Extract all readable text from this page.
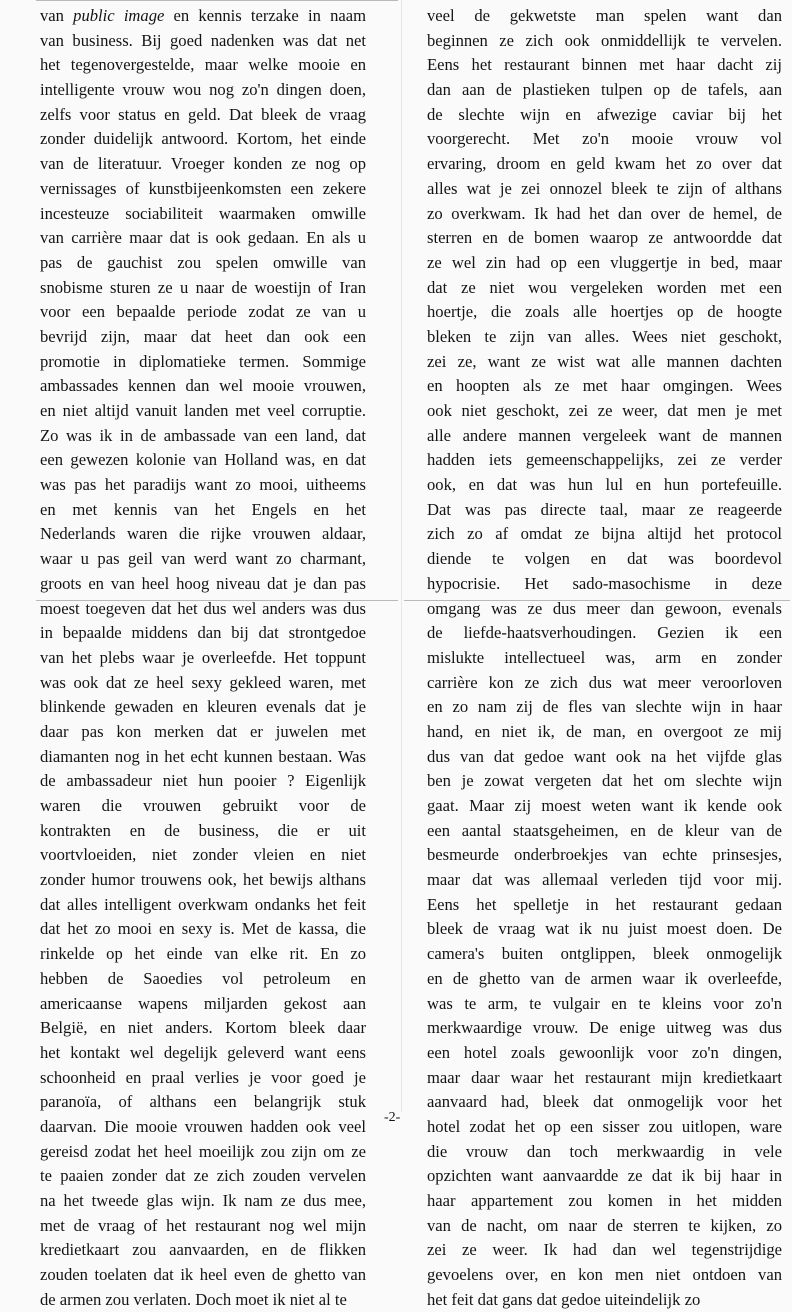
van public image en kennis terzake in naam
van business. Bij goed nadenken was dat net
het tegenovergestelde, maar welke mooie en
intelligente vrouw wou nog zo'n dingen doen,
zelfs voor status en geld. Dat bleek de vraag
zonder duidelijk antwoord. Kortom, het einde
van de literatuur. Vroeger konden ze nog op
vernissages of kunstbijeenkomsten een zekere
incesteuze sociabiliteit waarmaken omwille
van carrière maar dat is ook gedaan. En als u
pas de gauchist zou spelen omwille van
snobisme sturen ze u naar de woestijn of Iran
voor een bepaalde periode zodat ze van u
bevrijd zijn, maar dat heet dan ook een
promotie in diplomatieke termen. Sommige
ambassades kennen dan wel mooie vrouwen,
en niet altijd vanuit landen met veel corruptie.
Zo was ik in de ambassade van een land, dat
een gewezen kolonie van Holland was, en dat
was pas het paradijs want zo mooi, uitheems
en met kennis van het Engels en het
Nederlands waren die rijke vrouwen aldaar,
waar u pas geil van werd want zo charmant,
groots en van heel hoog niveau dat je dan pas
moest toegeven dat het dus wel anders was dus
in bepaalde middens dan bij dat strontgedoe
van het plebs waar je overleefde. Het toppunt
was ook dat ze heel sexy gekleed waren, met
blinkende gewaden en kleuren evenals dat je
daar pas kon merken dat er juwelen met
diamanten nog in het echt kunnen bestaan. Was
de ambassadeur niet hun pooier ? Eigenlijk
waren die vrouwen gebruikt voor de
kontrakten en de business, die er uit
voortvloeiden, niet zonder vleien en niet
zonder humor trouwens ook, het bewijs althans
dat alles intelligent overkwam ondanks het feit
dat het zo mooi en sexy is. Met de kassa, die
rinkelde op het einde van elke rit. En zo
hebben de Saoedies vol petroleum en
americaanse wapens miljarden gekost aan
België, en niet anders. Kortom bleek daar
het kontakt wel degelijk geleverd want eens
schoonheid en praal verlies je voor goed je
paranoïa, of althans een belangrijk stuk
daarvan. Die mooie vrouwen hadden ook veel
gereisd zodat het heel moeilijk zou zijn om ze
te paaien zonder dat ze zich zouden vervelen
na het tweede glas wijn. Ik nam ze dus mee,
met de vraag of het restaurant nog wel mijn
kredietkaart zou aanvaarden, en de flikken
zouden toelaten dat ik heel even de ghetto van
de armen zou verlaten. Doch moet ik niet al te
veel de gekwetste man spelen want dan
beginnen ze zich ook onmiddellijk te vervelen.
Eens het restaurant binnen met haar dacht zij
dan aan de plastieken tulpen op de tafels, aan
de slechte wijn en afwezige caviar bij het
voorgerecht. Met zo'n mooie vrouw vol
ervaring, droom en geld kwam het zo over dat
alles wat je zei onnozel bleek te zijn of althans
zo overkwam. Ik had het dan over de hemel, de
sterren en de bomen waarop ze antwoordde dat
ze wel zin had op een vluggertje in bed, maar
dat ze niet wou vergeleken worden met een
hoertje, die zoals alle hoertjes op de hoogte
bleken te zijn van alles. Wees niet geschokt,
zei ze, want ze wist wat alle mannen dachten
en hoopten als ze met haar omgingen. Wees
ook niet geschokt, zei ze weer, dat men je met
alle andere mannen vergeleek want de mannen
hadden iets gemeenschappelijks, zei ze verder
ook, en dat was hun lul en hun portefeuille.
Dat was pas directe taal, maar ze reageerde
zich zo af omdat ze bijna altijd het protocol
diende te volgen en dat was boordevol
hypocrisie. Het sado-masochisme in deze
omgang was ze dus meer dan gewoon, evenals
de liefde-haatsverhoudingen. Gezien ik een
mislukte intellectueel was, arm en zonder
carrière kon ze zich dus wat meer veroorloven
en zo nam zij de fles van slechte wijn in haar
hand, en niet ik, de man, en overgoot ze mij
dus van dat gedoe want ook na het vijfde glas
ben je zowat vergeten dat het om slechte wijn
gaat. Maar zij moest weten want ik kende ook
een aantal staatsgeheimen, en de kleur van de
besmeurde onderbroekjes van echte prinsesjes,
maar dat was allemaal verleden tijd voor mij.
Eens het spelletje in het restaurant gedaan
bleek de vraag wat ik nu juist moest doen. De
camera's buiten ontglippen, bleek onmogelijk
en de ghetto van de armen waar ik overleefde,
was te arm, te vulgair en te kleins voor zo'n
merkwaardige vrouw. De enige uitweg was dus
een hotel zoals gewoonlijk voor zo'n dingen,
maar daar waar het restaurant mijn kredietkaart
aanvaard had, bleek dat onmogelijk voor het
hotel zodat het op een sisser zou uitlopen, ware
die vrouw dan toch merkwaardig in vele
opzichten want aanvaardde ze dat ik bij haar in
haar appartement zou komen in het midden
van de nacht, om naar de sterren te kijken, zo
zei ze weer. Ik had dan wel tegenstrijdige
gevoelens over, en kon men niet ontdoen van
het feit dat gans dat gedoe uiteindelijk zo
-2-
